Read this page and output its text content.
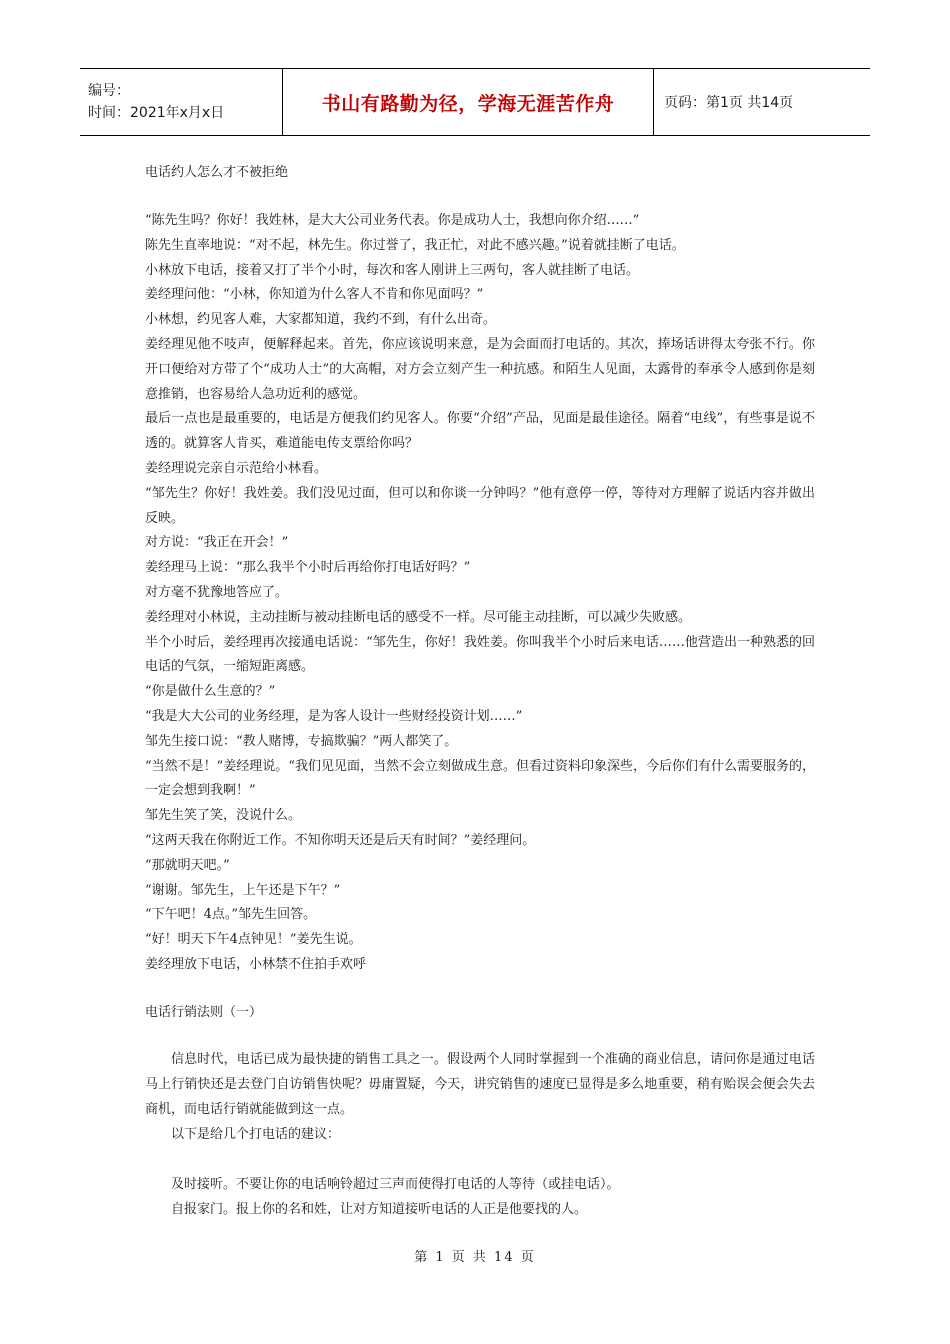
编号：
时间：2021年x月x日	书山有路勤为径，学海无涯苦作舟	页码：第1页 共14页
电话约人怎么才不被拒绝

“陈先生吗？你好！我姓林，是大大公司业务代表。你是成功人士，我想向你介绍……”

陈先生直率地说：“对不起，林先生。你过誉了，我正忙，对此不感兴趣。”说着就挂断了电话。

小林放下电话，接着又打了半个小时，每次和客人刚讲上三两句，客人就挂断了电话。

姜经理问他：“小林，你知道为什么客人不肯和你见面吗？”

小林想，约见客人难，大家都知道，我约不到，有什么出奇。

姜经理见他不吱声，便解释起来。首先，你应该说明来意，是为会面而打电话的。其次，捧场话讲得太夸张不行。你开口便给对方带了个“成功人士”的大高帽，对方会立刻产生一种抗感。和陌生人见面，太露骨的奉承令人感到你是刻意推销，也容易给人急功近利的感觉。

最后一点也是最重要的，电话是方便我们约见客人。你要“介绍”产品，见面是最佳途径。隔着“电线”，有些事是说不透的。就算客人肯买，难道能电传支票给你吗？

姜经理说完亲自示范给小林看。

“邹先生？你好！我姓姜。我们没见过面，但可以和你谈一分钟吗？”他有意停一停，等待对方理解了说话内容并做出反映。

对方说：“我正在开会！”

姜经理马上说：“那么我半个小时后再给你打电话好吗？”

对方毫不犹豫地答应了。

姜经理对小林说，主动挂断与被动挂断电话的感受不一样。尽可能主动挂断，可以减少失败感。

半个小时后，姜经理再次接通电话说：“邹先生，你好！我姓姜。你叫我半个小时后来电话……他营造出一种熟悉的回电话的气氛，一缩短距离感。

“你是做什么生意的？”

“我是大大公司的业务经理，是为客人设计一些财经投资计划……”

邹先生接口说：“教人赌博，专搞欺骗？”两人都笑了。

“当然不是！”姜经理说。“我们见见面，当然不会立刻做成生意。但看过资料印象深些，今后你们有什么需要服务的，一定会想到我啊！”

邹先生笑了笑，没说什么。

“这两天我在你附近工作。不知你明天还是后天有时间？”姜经理问。

“那就明天吧。”

“谢谢。邹先生，上午还是下午？”

“下午吧！4点。”邹先生回答。

“好！明天下午4点钟见！”姜先生说。

姜经理放下电话，小林禁不住拍手欢呼

电话行销法则（一）

信息时代，电话已成为最快捷的销售工具之一。假设两个人同时掌握到一个准确的商业信息，请问你是通过电话马上行销快还是去登门自访销售快呢？毋庸置疑，今天，讲究销售的速度已显得是多么地重要，稍有贻误会便会失去商机，而电话行销就能做到这一点。

以下是给几个打电话的建议：

及时接听。不要让你的电话响铃超过三声而使得打电话的人等待（或挂电话）。

自报家门。报上你的名和姓，让对方知道接听电话的人正是他要找的人。

第 1 页 共 14 页
